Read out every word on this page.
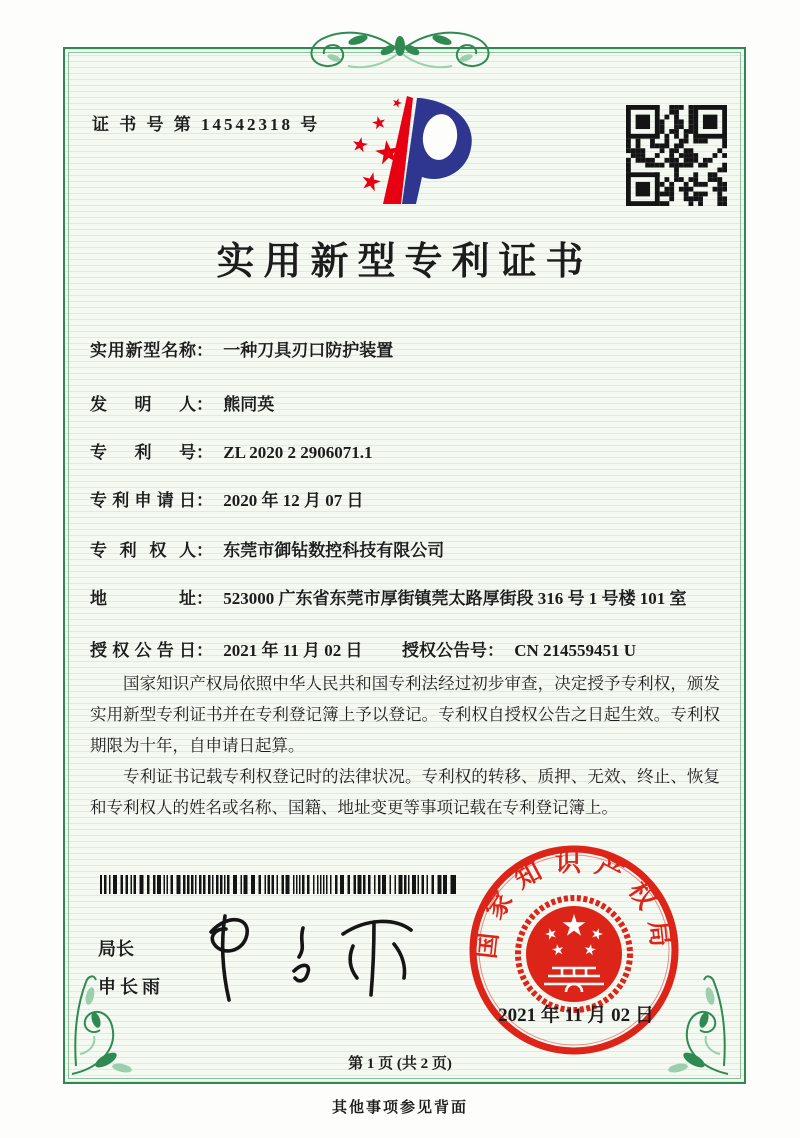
证 书 号 第 14542318 号
实用新型专利证书
实用新型名称： 一种刀具刃口防护装置
发明人： 熊同英
专利号： ZL 2020 2 2906071.1
专利申请日： 2020 年 12 月 07 日
专利权人： 东莞市御钻数控科技有限公司
地址： 523000 广东省东莞市厚街镇莞太路厚街段 316 号 1 号楼 101 室
授权公告日： 2021 年 11 月 02 日 授权公告号： CN 214559451 U

国家知识产权局依照中华人民共和国专利法经过初步审查，决定授予专利权，颁发实用新型专利证书并在专利登记簿上予以登记。专利权自授权公告之日起生效。专利权期限为十年，自申请日起算。

专利证书记载专利权登记时的法律状况。专利权的转移、质押、无效、终止、恢复和专利权人的姓名或名称、国籍、地址变更等事项记载在专利登记簿上。

局长
申长雨
国家知识产权局
2021 年 11 月 02 日
第 1 页 (共 2 页)
其他事项参见背面
